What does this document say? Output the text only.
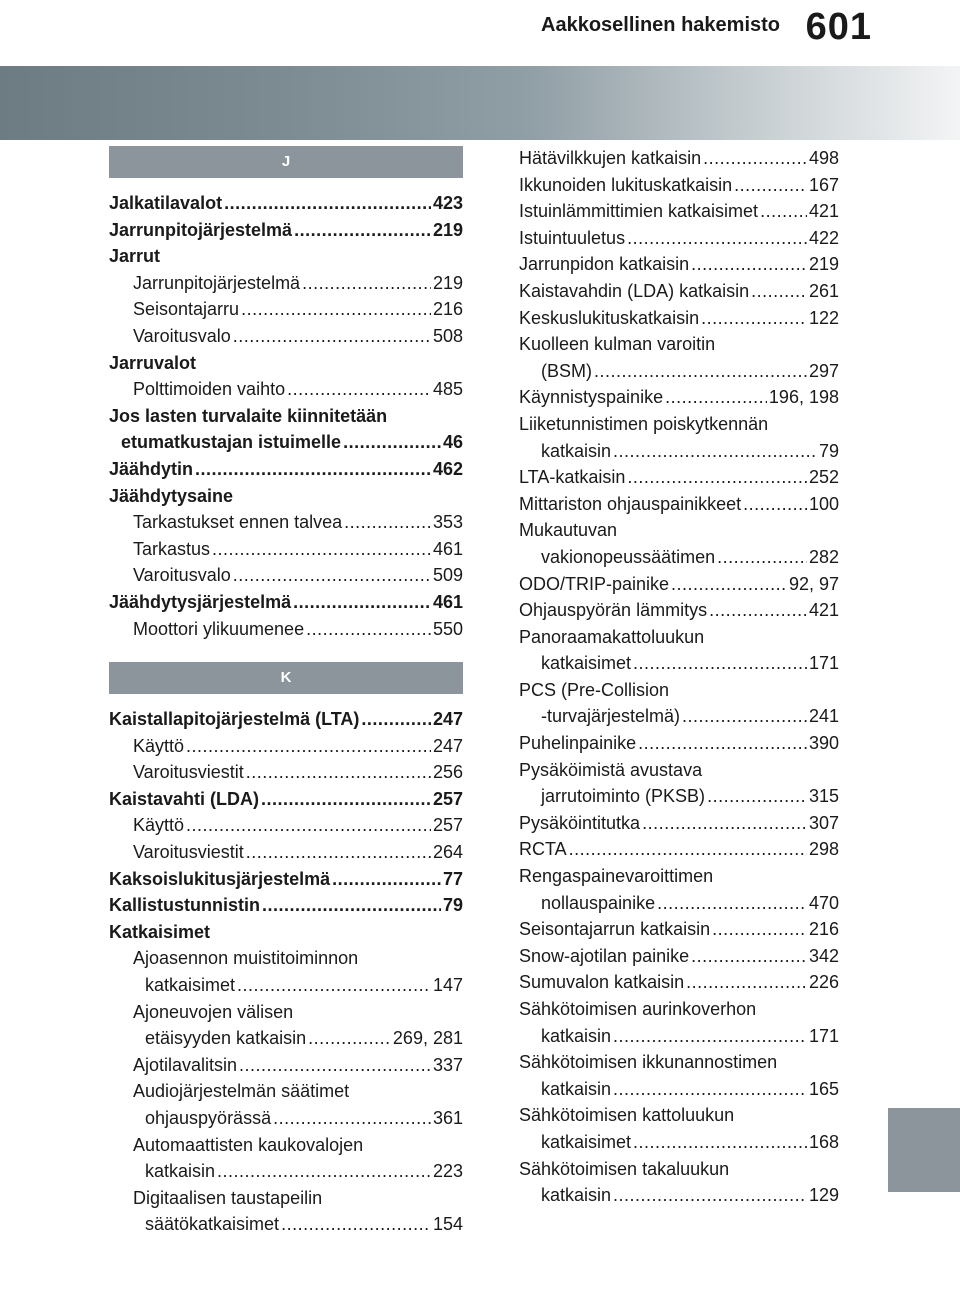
Aakkosellinen hakemisto 601
J
Jalkatilavalot .....	423
Jarrunpitojärjestelmä .....	219
Jarrut
Jarrunpitojärjestelmä .....	219
Seisontajarru .....	216
Varoitusvalo .....	508
Jarruvalot
Polttimoiden vaihto .....	485
Jos lasten turvalaite kiinnitetään
etumatkustajan istuimelle .....	46
Jäähdytin .....	462
Jäähdytysaine
Tarkastukset ennen talvea .....	353
Tarkastus .....	461
Varoitusvalo .....	509
Jäähdytysjärjestelmä .....	461
Moottori ylikuumenee .....	550
K
Kaistallapitojärjestelmä (LTA) .....	247
Käyttö .....	247
Varoitusviestit .....	256
Kaistavahti (LDA) .....	257
Käyttö .....	257
Varoitusviestit .....	264
Kaksoislukitusjärjestelmä .....	77
Kallistustunnistin .....	79
Katkaisimet
Ajoasennon muistitoiminnon
katkaisimet .....	147
Ajoneuvojen välisen
etäisyyden katkaisin .....	269, 281
Ajotilavalitsin .....	337
Audiojärjestelmän säätimet
ohjauspyörässä .....	361
Automaattisten kaukovalojen
katkaisin .....	223
Digitaalisen taustapeilin
säätökatkaisimet .....	154
Hätävilkkujen katkaisin .....	498
Ikkunoiden lukituskatkaisin .....	167
Istuinlämmittimien katkaisimet .....	421
Istuintuuletus .....	422
Jarrunpidon katkaisin .....	219
Kaistavahdin (LDA) katkaisin .....	261
Keskuslukituskatkaisin .....	122
Kuolleen kulman varoitin
(BSM) .....	297
Käynnistyspainike .....	196, 198
Liiketunnistimen poiskytkennän
katkaisin .....	79
LTA-katkaisin .....	252
Mittariston ohjauspainikkeet .....	100
Mukautuvan
vakionopeussäätimen .....	282
ODO/TRIP-painike .....	92, 97
Ohjauspyörän lämmitys .....	421
Panoraamakattoluukun
katkaisimet .....	171
PCS (Pre-Collision
-turvajärjestelmä) .....	241
Puhelinpainike .....	390
Pysäköimistä avustava
jarrutoiminto (PKSB) .....	315
Pysäköintitutka .....	307
RCTA .....	298
Rengaspainevaroittimen
nollauspainike .....	470
Seisontajarrun katkaisin .....	216
Snow-ajotilan painike .....	342
Sumuvalon katkaisin .....	226
Sähkötoimisen aurinkoverhon
katkaisin .....	171
Sähkötoimisen ikkunannostimen
katkaisin .....	165
Sähkötoimisen kattoluukun
katkaisimet .....	168
Sähkötoimisen takaluukun
katkaisin .....	129
